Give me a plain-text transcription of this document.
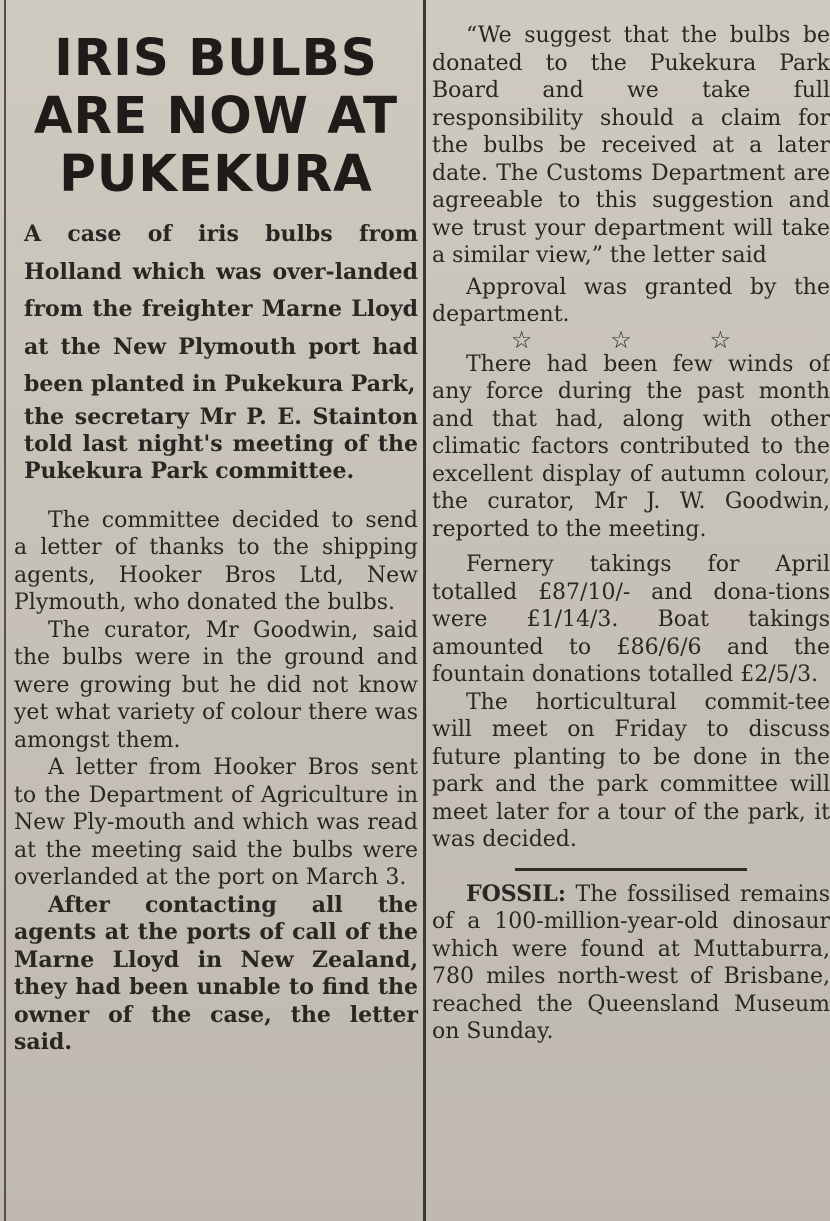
IRIS BULBS
ARE NOW AT
PUKEKURA

A case of iris bulbs from Holland which was over-landed from the freighter Marne Lloyd at the New Plymouth port had been planted in Pukekura Park,

the secretary Mr P. E. Stainton told last night's meeting of the Pukekura Park committee.

The committee decided to send a letter of thanks to the shipping agents, Hooker Bros Ltd, New Plymouth, who donated the bulbs.

The curator, Mr Goodwin, said the bulbs were in the ground and were growing but he did not know yet what variety of colour there was amongst them.

A letter from Hooker Bros sent to the Department of Agriculture in New Ply-mouth and which was read at the meeting said the bulbs were overlanded at the port on March 3.

After contacting all the agents at the ports of call of the Marne Lloyd in New Zealand, they had been unable to find the owner of the case, the letter said.

“We suggest that the bulbs be donated to the Pukekura Park Board and we take full responsibility should a claim for the bulbs be received at a later date. The Customs Department are agreeable to this suggestion and we trust your department will take a similar view,” the letter said

Approval was granted by the department.

☆	☆	☆

There had been few winds of any force during the past month and that had, along with other climatic factors contributed to the excellent display of autumn colour, the curator, Mr J. W. Goodwin, reported to the meeting.

Fernery takings for April totalled £87/10/- and dona-tions were £1/14/3. Boat takings amounted to £86/6/6 and the fountain donations totalled £2/5/3.

The horticultural commit-tee will meet on Friday to discuss future planting to be done in the park and the park committee will meet later for a tour of the park, it was decided.

FOSSIL: The fossilised remains of a 100-million-year-old dinosaur which were found at Muttaburra, 780 miles north-west of Brisbane, reached the Queensland Museum on Sunday.
